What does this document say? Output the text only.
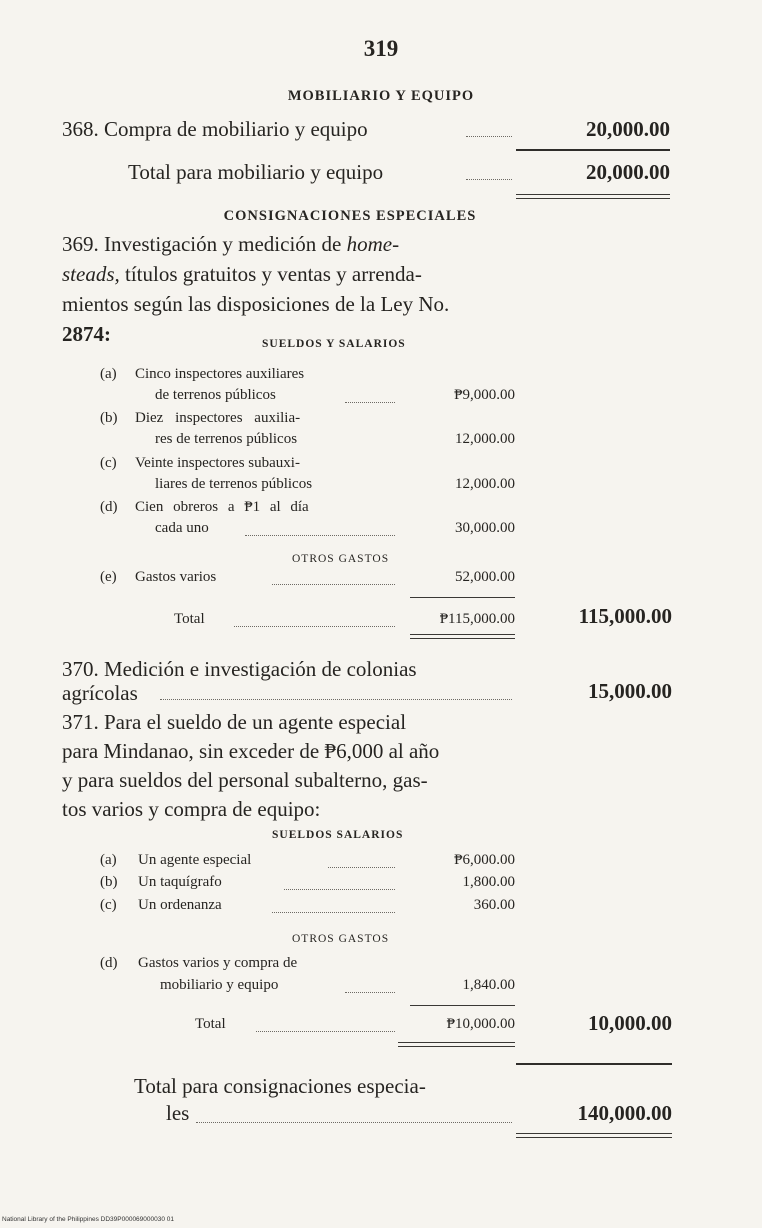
319
MOBILIARIO Y EQUIPO
368. Compra de mobiliario y equipo	20,000.00
Total para mobiliario y equipo	20,000.00
CONSIGNACIONES ESPECIALES
369. Investigación y medición de home-
steads, títulos gratuitos y ventas y arrenda-
mientos según las disposiciones de la Ley No.
2874:	SUELDOS Y SALARIOS
(a) Cinco inspectores auxiliares
de terrenos públicos	₱9,000.00
(b) Diez inspectores auxilia-
res de terrenos públicos	12,000.00
(c) Veinte inspectores subauxi-
liares de terrenos públicos	12,000.00
(d) Cien obreros a ₱1 al día
cada uno	30,000.00
OTROS GASTOS
(e) Gastos varios	52,000.00
Total	₱115,000.00	115,000.00
370. Medición e investigación de colonias
agrícolas	15,000.00
371. Para el sueldo de un agente especial
para Mindanao, sin exceder de ₱6,000 al año
y para sueldos del personal subalterno, gas-
tos varios y compra de equipo:
SUELDOS SALARIOS
(a) Un agente especial	₱6,000.00
(b) Un taquígrafo	1,800.00
(c) Un ordenanza	360.00
OTROS GASTOS
(d) Gastos varios y compra de
mobiliario y equipo	1,840.00
Total	₱10,000.00	10,000.00
Total para consignaciones especia-
les	140,000.00
National Library of the Philippines DD39P000069000030 01
